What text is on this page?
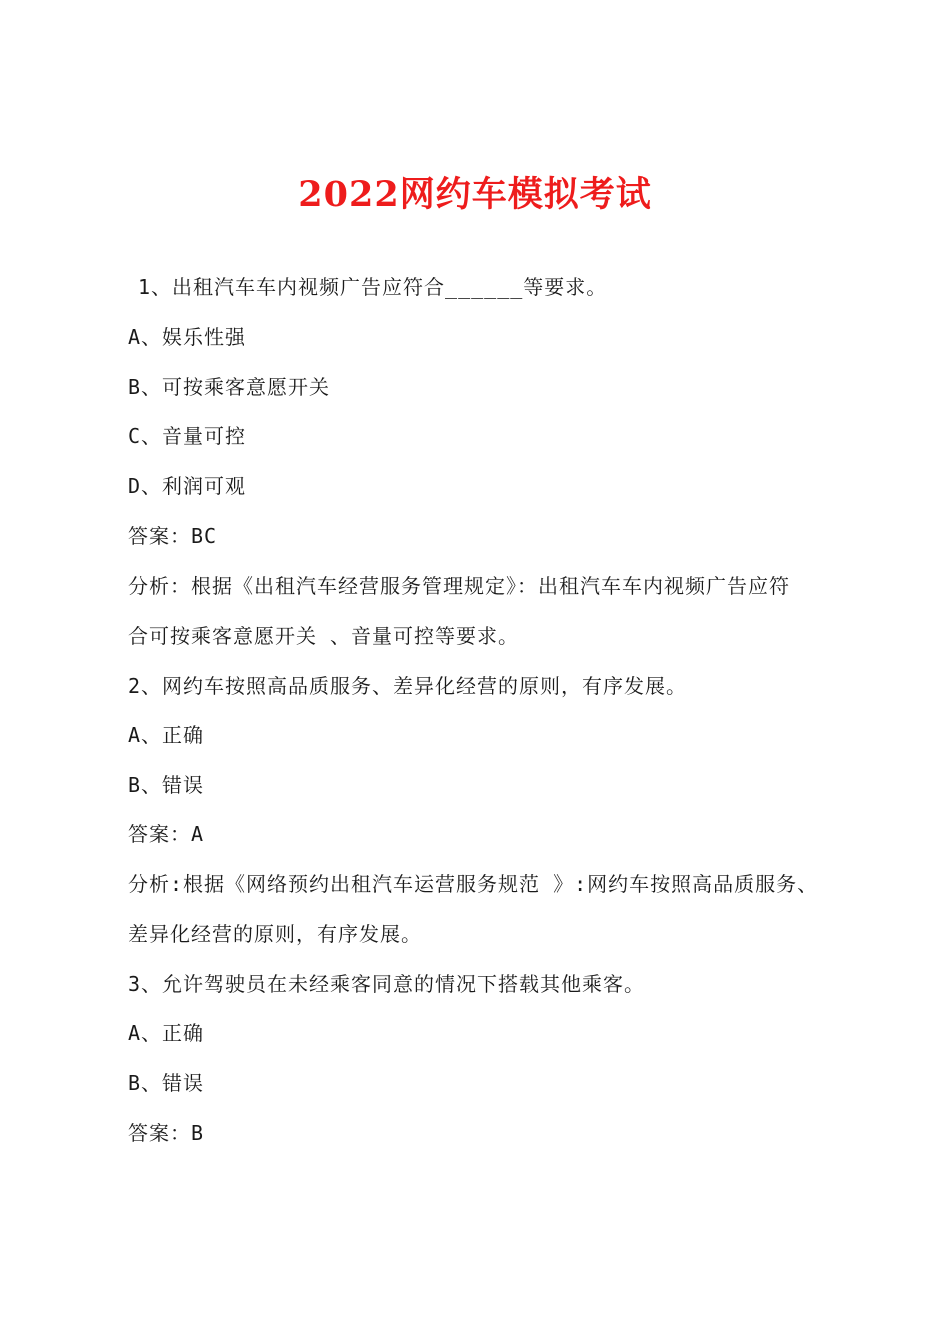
2022网约车模拟考试
1、出租汽车车内视频广告应符合______等要求。
A、娱乐性强
B、可按乘客意愿开关
C、音量可控
D、利润可观
答案：BC
分析：根据《出租汽车经营服务管理规定》：出租汽车车内视频广告应符
合可按乘客意愿开关 、音量可控等要求。
2、网约车按照高品质服务、差异化经营的原则，有序发展。
A、正确
B、错误
答案：A
分析:根据《网络预约出租汽车运营服务规范 》:网约车按照高品质服务、
差异化经营的原则，有序发展。
3、允许驾驶员在未经乘客同意的情况下搭载其他乘客。
A、正确
B、错误
答案：B
